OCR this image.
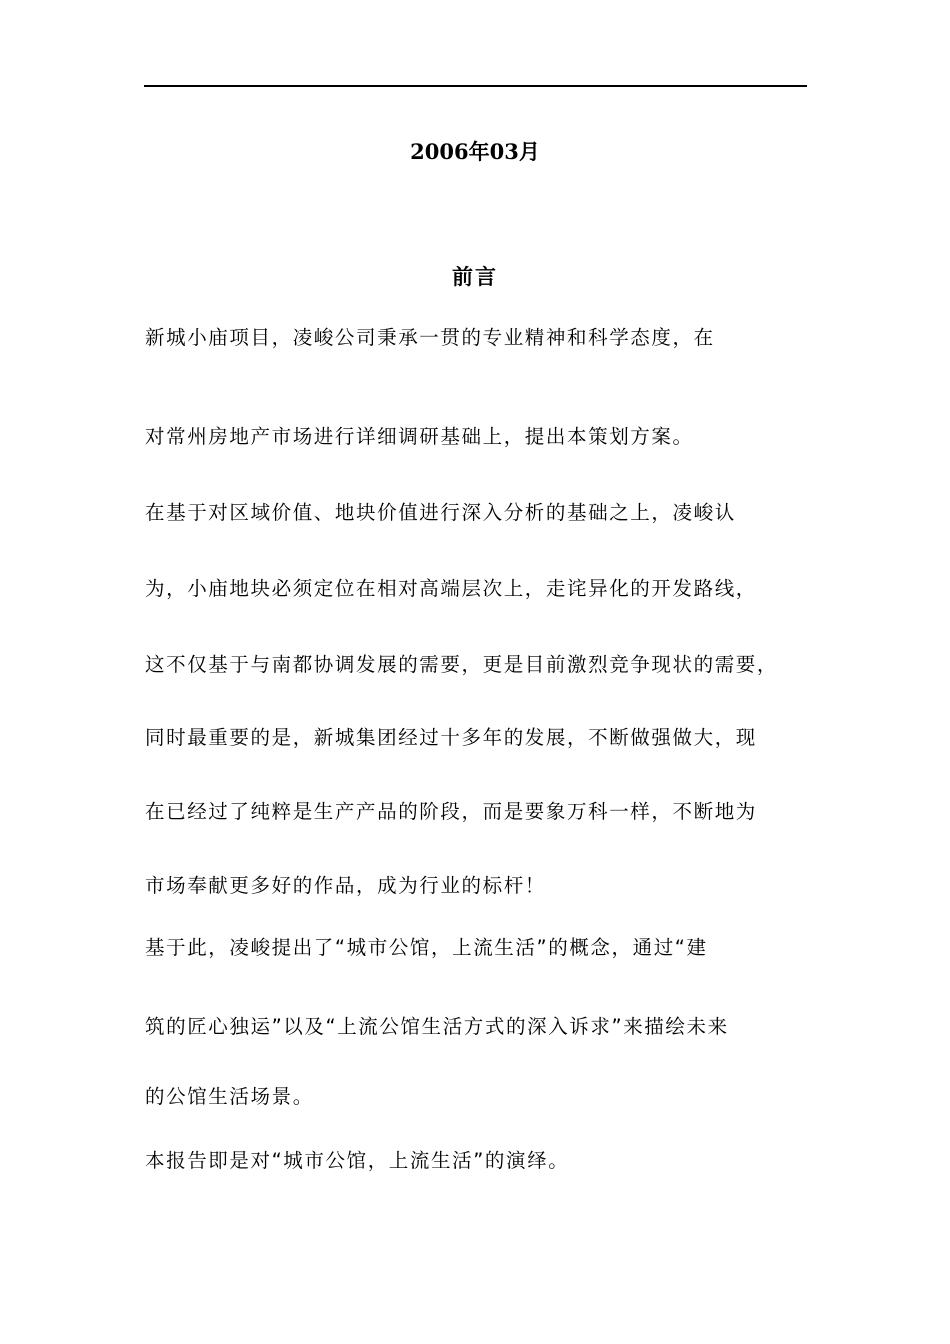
2006年03月
前言
新城小庙项目，凌峻公司秉承一贯的专业精神和科学态度，在
对常州房地产市场进行详细调研基础上，提出本策划方案。
在基于对区域价值、地块价值进行深入分析的基础之上，凌峻认
为，小庙地块必须定位在相对高端层次上，走诧异化的开发路线，
这不仅基于与南都协调发展的需要，更是目前激烈竞争现状的需要，
同时最重要的是，新城集团经过十多年的发展，不断做强做大，现
在已经过了纯粹是生产产品的阶段，而是要象万科一样，不断地为
市场奉献更多好的作品，成为行业的标杆！
基于此，凌峻提出了“城市公馆，上流生活”的概念，通过“建
筑的匠心独运”以及“上流公馆生活方式的深入诉求”来描绘未来
的公馆生活场景。
本报告即是对“城市公馆，上流生活”的演绎。
